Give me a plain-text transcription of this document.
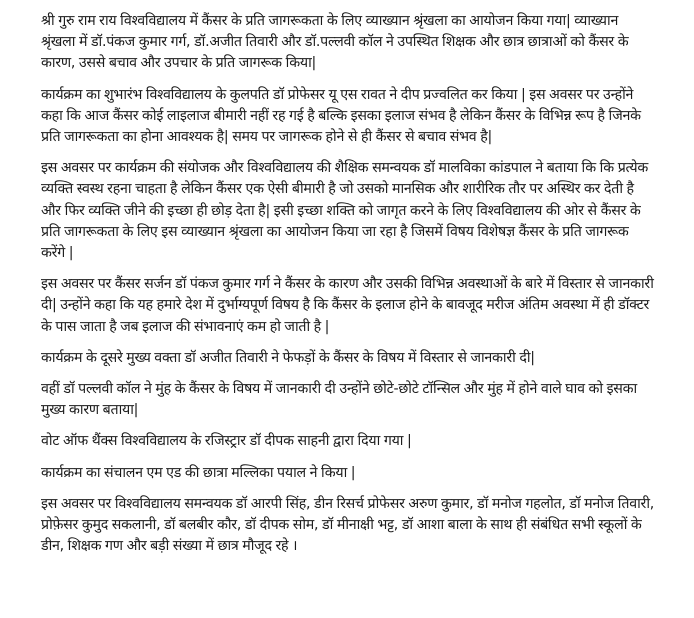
श्री गुरु राम राय विश्वविद्यालय में कैंसर के प्रति जागरूकता के लिए व्याख्यान श्रृंखला का आयोजन किया गया| व्याख्यान श्रृंखला में डॉ.पंकज कुमार गर्ग, डॉ.अजीत तिवारी और डॉ.पल्लवी कॉल ने उपस्थित शिक्षक और छात्र छात्राओं को कैंसर के कारण, उससे बचाव और उपचार के प्रति जागरूक किया|

कार्यक्रम का शुभारंभ विश्वविद्यालय के कुलपति डॉ प्रोफेसर यू एस रावत ने दीप प्रज्वलित कर किया | इस अवसर पर उन्होंने कहा कि आज कैंसर कोई लाइलाज बीमारी नहीं रह गई है बल्कि इसका इलाज संभव है लेकिन कैंसर के विभिन्न रूप है जिनके प्रति जागरूकता का होना आवश्यक है| समय पर जागरूक होने से ही कैंसर से बचाव संभव है|

इस अवसर पर कार्यक्रम की संयोजक और विश्वविद्यालय की शैक्षिक समन्वयक डॉ मालविका कांडपाल ने बताया कि कि प्रत्येक व्यक्ति स्वस्थ रहना चाहता है लेकिन कैंसर एक ऐसी बीमारी है जो उसको मानसिक और शारीरिक तौर पर अस्थिर कर देती है और फिर व्यक्ति जीने की इच्छा ही छोड़ देता है| इसी इच्छा शक्ति को जागृत करने के लिए विश्वविद्यालय की ओर से कैंसर के प्रति जागरूकता के लिए इस व्याख्यान श्रृंखला का आयोजन किया जा रहा है जिसमें विषय विशेषज्ञ कैंसर के प्रति जागरूक करेंगे |

इस अवसर पर कैंसर सर्जन डॉ पंकज कुमार गर्ग ने कैंसर के कारण और उसकी विभिन्न अवस्थाओं के बारे में विस्तार से जानकारी दी| उन्होंने कहा कि यह हमारे देश में दुर्भाग्यपूर्ण विषय है कि कैंसर के इलाज होने के बावजूद मरीज अंतिम अवस्था में ही डॉक्टर के पास जाता है जब इलाज की संभावनाएं कम हो जाती है |

कार्यक्रम के दूसरे मुख्य वक्ता डॉ अजीत तिवारी ने फेफड़ों के कैंसर के विषय में विस्तार से जानकारी दी|

वहीं डॉ पल्लवी कॉल ने मुंह के कैंसर के विषय में जानकारी दी उन्होंने छोटे-छोटे टॉन्सिल और मुंह में होने वाले घाव को इसका मुख्य कारण बताया|

वोट ऑफ थैंक्स विश्वविद्यालय के रजिस्ट्रार डॉ दीपक साहनी द्वारा दिया गया |

कार्यक्रम का संचालन एम एड की छात्रा मल्लिका पयाल ने किया |

इस अवसर पर विश्वविद्यालय समन्वयक डॉ आरपी सिंह, डीन रिसर्च प्रोफेसर अरुण कुमार, डॉ मनोज गहलोत, डॉ मनोज तिवारी, प्रोफ़ेसर कुमुद सकलानी, डॉ बलबीर कौर, डॉ दीपक सोम, डॉ मीनाक्षी भट्ट, डॉ आशा बाला के साथ ही संबंधित सभी स्कूलों के डीन, शिक्षक गण और बड़ी संख्या में छात्र मौजूद रहे ।
